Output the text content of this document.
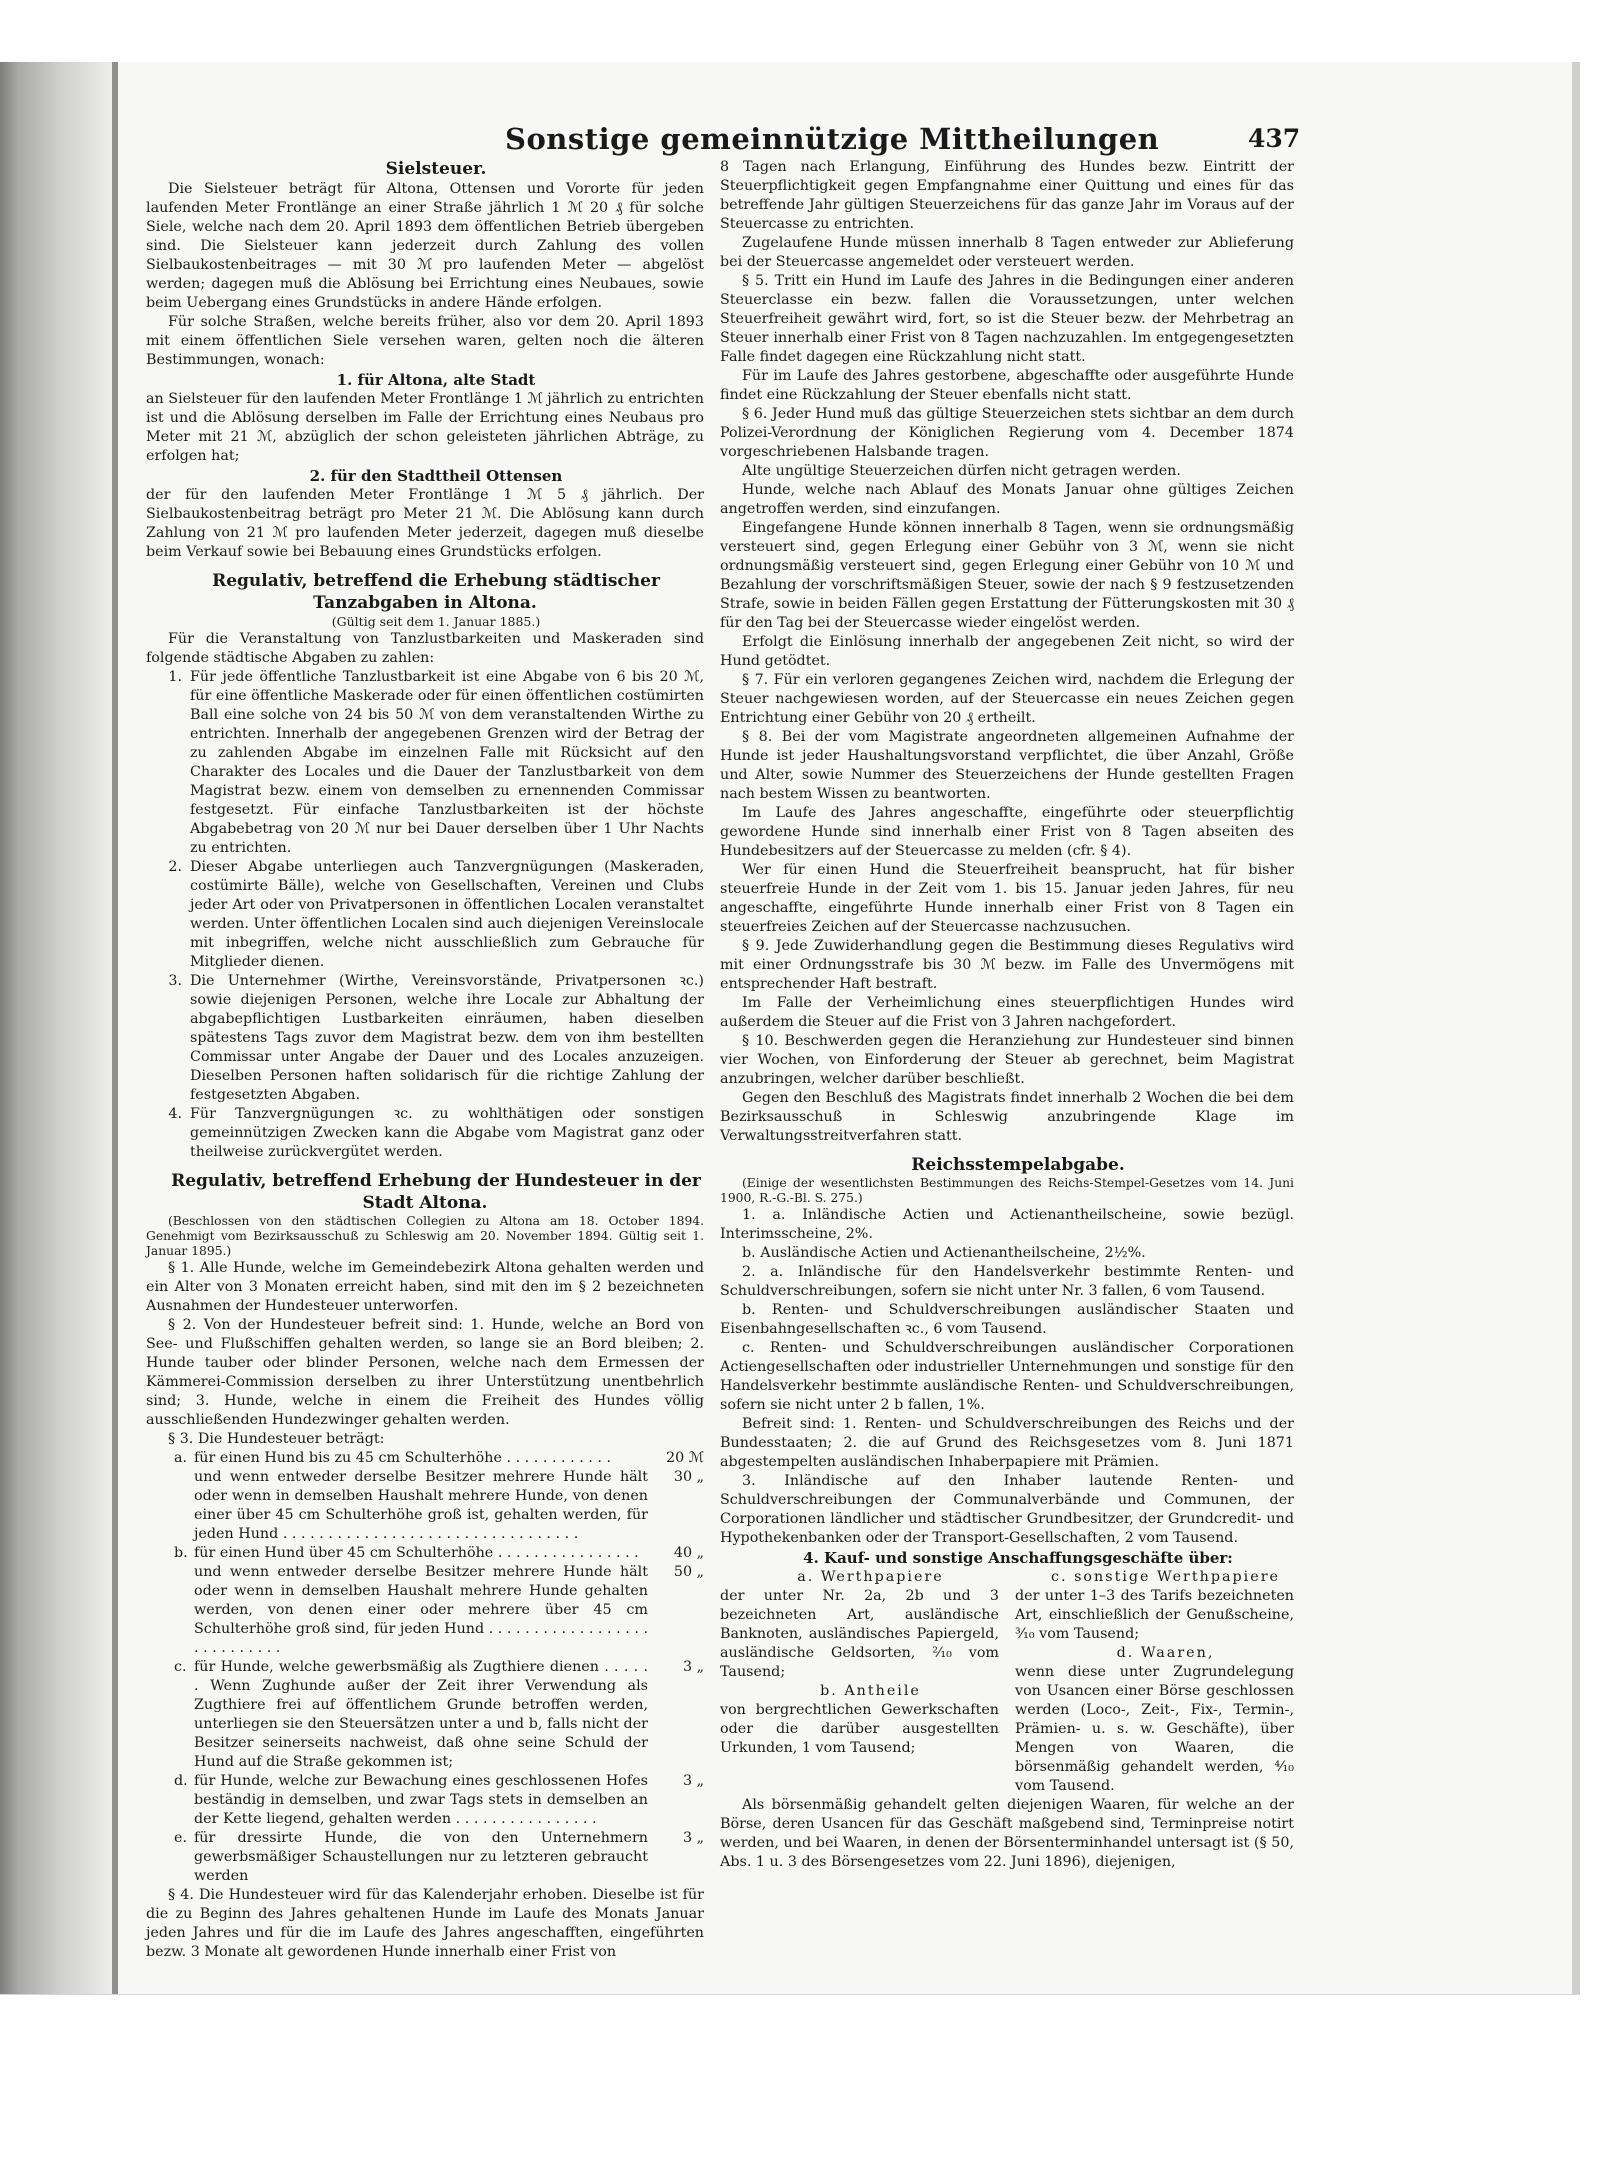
Sonstige gemeinnützige Mittheilungen	437

Sielsteuer.

Die Sielsteuer beträgt für Altona, Ottensen und Vororte für jeden laufenden Meter Frontlänge an einer Straße jährlich 1 ℳ 20 ₰ für solche Siele, welche nach dem 20. April 1893 dem öffentlichen Betrieb übergeben sind. Die Sielsteuer kann jederzeit durch Zahlung des vollen Sielbaukostenbeitrages — mit 30 ℳ pro laufenden Meter — abgelöst werden; dagegen muß die Ablösung bei Errichtung eines Neubaues, sowie beim Uebergang eines Grundstücks in andere Hände erfolgen.

Für solche Straßen, welche bereits früher, also vor dem 20. April 1893 mit einem öffentlichen Siele versehen waren, gelten noch die älteren Bestimmungen, wonach:

1. für Altona, alte Stadt

an Sielsteuer für den laufenden Meter Frontlänge 1 ℳ jährlich zu entrichten ist und die Ablösung derselben im Falle der Errichtung eines Neubaus pro Meter mit 21 ℳ, abzüglich der schon geleisteten jährlichen Abträge, zu erfolgen hat;

2. für den Stadttheil Ottensen

der für den laufenden Meter Frontlänge 1 ℳ 5 ₰ jährlich. Der Sielbaukostenbeitrag beträgt pro Meter 21 ℳ. Die Ablösung kann durch Zahlung von 21 ℳ pro laufenden Meter jederzeit, dagegen muß dieselbe beim Verkauf sowie bei Bebauung eines Grundstücks erfolgen.

Regulativ, betreffend die Erhebung städtischer Tanzabgaben in Altona.

(Gültig seit dem 1. Januar 1885.)

Für die Veranstaltung von Tanzlustbarkeiten und Maskeraden sind folgende städtische Abgaben zu zahlen:

1. Für jede öffentliche Tanzlustbarkeit ist eine Abgabe von 6 bis 20 ℳ, für eine öffentliche Maskerade oder für einen öffentlichen costümirten Ball eine solche von 24 bis 50 ℳ von dem veranstaltenden Wirthe zu entrichten. Innerhalb der angegebenen Grenzen wird der Betrag der zu zahlenden Abgabe im einzelnen Falle mit Rücksicht auf den Charakter des Locales und die Dauer der Tanzlustbarkeit von dem Magistrat bezw. einem von demselben zu ernennenden Commissar festgesetzt. Für einfache Tanzlustbarkeiten ist der höchste Abgabebetrag von 20 ℳ nur bei Dauer derselben über 1 Uhr Nachts zu entrichten.
2. Dieser Abgabe unterliegen auch Tanzvergnügungen (Maskeraden, costümirte Bälle), welche von Gesellschaften, Vereinen und Clubs jeder Art oder von Privatpersonen in öffentlichen Localen veranstaltet werden. Unter öffentlichen Localen sind auch diejenigen Vereinslocale mit inbegriffen, welche nicht ausschließlich zum Gebrauche für Mitglieder dienen.
3. Die Unternehmer (Wirthe, Vereinsvorstände, Privatpersonen ꝛc.) sowie diejenigen Personen, welche ihre Locale zur Abhaltung der abgabepflichtigen Lustbarkeiten einräumen, haben dieselben spätestens Tags zuvor dem Magistrat bezw. dem von ihm bestellten Commissar unter Angabe der Dauer und des Locales anzuzeigen. Dieselben Personen haften solidarisch für die richtige Zahlung der festgesetzten Abgaben.
4. Für Tanzvergnügungen ꝛc. zu wohlthätigen oder sonstigen gemeinnützigen Zwecken kann die Abgabe vom Magistrat ganz oder theilweise zurückvergütet werden.

Regulativ, betreffend Erhebung der Hundesteuer in der Stadt Altona.

(Beschlossen von den städtischen Collegien zu Altona am 18. October 1894. Genehmigt vom Bezirksausschuß zu Schleswig am 20. November 1894. Gültig seit 1. Januar 1895.)

§ 1. Alle Hunde, welche im Gemeindebezirk Altona gehalten werden und ein Alter von 3 Monaten erreicht haben, sind mit den im § 2 bezeichneten Ausnahmen der Hundesteuer unterworfen.

§ 2. Von der Hundesteuer befreit sind: 1. Hunde, welche an Bord von See- und Flußschiffen gehalten werden, so lange sie an Bord bleiben; 2. Hunde tauber oder blinder Personen, welche nach dem Ermessen der Kämmerei-Commission derselben zu ihrer Unterstützung unentbehrlich sind; 3. Hunde, welche in einem die Freiheit des Hundes völlig ausschließenden Hundezwinger gehalten werden.

§ 3. Die Hundesteuer beträgt:

a. für einen Hund bis zu 45 cm Schulterhöhe . . . . . . . . . . . .	20 ℳ
und wenn entweder derselbe Besitzer mehrere Hunde hält oder wenn in demselben Haushalt mehrere Hunde, von denen einer über 45 cm Schulterhöhe groß ist, gehalten werden, für jeden Hund . . . . . . . . . . . . . . . . . . . . . . . . . . . . . . . . .
30 „
b. für einen Hund über 45 cm Schulterhöhe . . . . . . . . . . . . . . . .	40 „
und wenn entweder derselbe Besitzer mehrere Hunde hält oder wenn in demselben Haushalt mehrere Hunde gehalten werden, von denen einer oder mehrere über 45 cm Schulterhöhe groß sind, für jeden Hund . . . . . . . . . . . . . . . . . . . . . . . . . . . .
50 „
c. für Hunde, welche gewerbsmäßig als Zugthiere dienen . . . . . . Wenn Zughunde außer der Zeit ihrer Verwendung als Zugthiere frei auf öffentlichem Grunde betroffen werden, unterliegen sie den Steuersätzen unter a und b, falls nicht der Besitzer seinerseits nachweist, daß ohne seine Schuld der Hund auf die Straße gekommen ist;
3 „
d. für Hunde, welche zur Bewachung eines geschlossenen Hofes beständig in demselben, und zwar Tags stets in demselben an der Kette liegend, gehalten werden . . . . . . . . . . . . . . . .
3 „
e. für dressirte Hunde, die von den Unternehmern gewerbsmäßiger Schaustellungen nur zu letzteren gebraucht werden
3 „

§ 4. Die Hundesteuer wird für das Kalenderjahr erhoben. Dieselbe ist für die zu Beginn des Jahres gehaltenen Hunde im Laufe des Monats Januar jeden Jahres und für die im Laufe des Jahres angeschafften, eingeführten bezw. 3 Monate alt gewordenen Hunde innerhalb einer Frist von

8 Tagen nach Erlangung, Einführung des Hundes bezw. Eintritt der Steuerpflichtigkeit gegen Empfangnahme einer Quittung und eines für das betreffende Jahr gültigen Steuerzeichens für das ganze Jahr im Voraus auf der Steuercasse zu entrichten.

Zugelaufene Hunde müssen innerhalb 8 Tagen entweder zur Ablieferung bei der Steuercasse angemeldet oder versteuert werden.

§ 5. Tritt ein Hund im Laufe des Jahres in die Bedingungen einer anderen Steuerclasse ein bezw. fallen die Voraussetzungen, unter welchen Steuerfreiheit gewährt wird, fort, so ist die Steuer bezw. der Mehrbetrag an Steuer innerhalb einer Frist von 8 Tagen nachzuzahlen. Im entgegengesetzten Falle findet dagegen eine Rückzahlung nicht statt.

Für im Laufe des Jahres gestorbene, abgeschaffte oder ausgeführte Hunde findet eine Rückzahlung der Steuer ebenfalls nicht statt.

§ 6. Jeder Hund muß das gültige Steuerzeichen stets sichtbar an dem durch Polizei-Verordnung der Königlichen Regierung vom 4. December 1874 vorgeschriebenen Halsbande tragen.

Alte ungültige Steuerzeichen dürfen nicht getragen werden.

Hunde, welche nach Ablauf des Monats Januar ohne gültiges Zeichen angetroffen werden, sind einzufangen.

Eingefangene Hunde können innerhalb 8 Tagen, wenn sie ordnungsmäßig versteuert sind, gegen Erlegung einer Gebühr von 3 ℳ, wenn sie nicht ordnungsmäßig versteuert sind, gegen Erlegung einer Gebühr von 10 ℳ und Bezahlung der vorschriftsmäßigen Steuer, sowie der nach § 9 festzusetzenden Strafe, sowie in beiden Fällen gegen Erstattung der Fütterungskosten mit 30 ₰ für den Tag bei der Steuercasse wieder eingelöst werden.

Erfolgt die Einlösung innerhalb der angegebenen Zeit nicht, so wird der Hund getödtet.

§ 7. Für ein verloren gegangenes Zeichen wird, nachdem die Erlegung der Steuer nachgewiesen worden, auf der Steuercasse ein neues Zeichen gegen Entrichtung einer Gebühr von 20 ₰ ertheilt.

§ 8. Bei der vom Magistrate angeordneten allgemeinen Aufnahme der Hunde ist jeder Haushaltungsvorstand verpflichtet, die über Anzahl, Größe und Alter, sowie Nummer des Steuerzeichens der Hunde gestellten Fragen nach bestem Wissen zu beantworten.

Im Laufe des Jahres angeschaffte, eingeführte oder steuerpflichtig gewordene Hunde sind innerhalb einer Frist von 8 Tagen abseiten des Hundebesitzers auf der Steuercasse zu melden (cfr. § 4).

Wer für einen Hund die Steuerfreiheit beansprucht, hat für bisher steuerfreie Hunde in der Zeit vom 1. bis 15. Januar jeden Jahres, für neu angeschaffte, eingeführte Hunde innerhalb einer Frist von 8 Tagen ein steuerfreies Zeichen auf der Steuercasse nachzusuchen.

§ 9. Jede Zuwiderhandlung gegen die Bestimmung dieses Regulativs wird mit einer Ordnungsstrafe bis 30 ℳ bezw. im Falle des Unvermögens mit entsprechender Haft bestraft.

Im Falle der Verheimlichung eines steuerpflichtigen Hundes wird außerdem die Steuer auf die Frist von 3 Jahren nachgefordert.

§ 10. Beschwerden gegen die Heranziehung zur Hundesteuer sind binnen vier Wochen, von Einforderung der Steuer ab gerechnet, beim Magistrat anzubringen, welcher darüber beschließt.

Gegen den Beschluß des Magistrats findet innerhalb 2 Wochen die bei dem Bezirksausschuß in Schleswig anzubringende Klage im Verwaltungsstreitverfahren statt.

Reichsstempelabgabe.

(Einige der wesentlichsten Bestimmungen des Reichs-Stempel-Gesetzes vom 14. Juni 1900, R.-G.-Bl. S. 275.)

1. a. Inländische Actien und Actienantheilscheine, sowie bezügl. Interimsscheine, 2%.

b. Ausländische Actien und Actienantheilscheine, 2½%.

2. a. Inländische für den Handelsverkehr bestimmte Renten- und Schuldverschreibungen, sofern sie nicht unter Nr. 3 fallen, 6 vom Tausend.

b. Renten- und Schuldverschreibungen ausländischer Staaten und Eisenbahngesellschaften ꝛc., 6 vom Tausend.

c. Renten- und Schuldverschreibungen ausländischer Corporationen Actiengesellschaften oder industrieller Unternehmungen und sonstige für den Handelsverkehr bestimmte ausländische Renten- und Schuldverschreibungen, sofern sie nicht unter 2 b fallen, 1%.

Befreit sind: 1. Renten- und Schuldverschreibungen des Reichs und der Bundesstaaten; 2. die auf Grund des Reichsgesetzes vom 8. Juni 1871 abgestempelten ausländischen Inhaberpapiere mit Prämien.

3. Inländische auf den Inhaber lautende Renten- und Schuldverschreibungen der Communalverbände und Communen, der Corporationen ländlicher und städtischer Grundbesitzer, der Grundcredit- und Hypothekenbanken oder der Transport-Gesellschaften, 2 vom Tausend.

4. Kauf- und sonstige Anschaffungsgeschäfte über:

a. Werthpapiere

der unter Nr. 2a, 2b und 3 bezeichneten Art, ausländische Banknoten, ausländisches Papiergeld, ausländische Geldsorten, ²⁄₁₀ vom Tausend;

b. Antheile

von bergrechtlichen Gewerkschaften oder die darüber ausgestellten Urkunden, 1 vom Tausend;

c. sonstige Werthpapiere

der unter 1–3 des Tarifs bezeichneten Art, einschließlich der Genußscheine, ³⁄₁₀ vom Tausend;

d. Waaren,

wenn diese unter Zugrundelegung von Usancen einer Börse geschlossen werden (Loco-, Zeit-, Fix-, Termin-, Prämien- u. s. w. Geschäfte), über Mengen von Waaren, die börsenmäßig gehandelt werden, ⁴⁄₁₀ vom Tausend.

Als börsenmäßig gehandelt gelten diejenigen Waaren, für welche an der Börse, deren Usancen für das Geschäft maßgebend sind, Terminpreise notirt werden, und bei Waaren, in denen der Börsenterminhandel untersagt ist (§ 50, Abs. 1 u. 3 des Börsengesetzes vom 22. Juni 1896), diejenigen,
